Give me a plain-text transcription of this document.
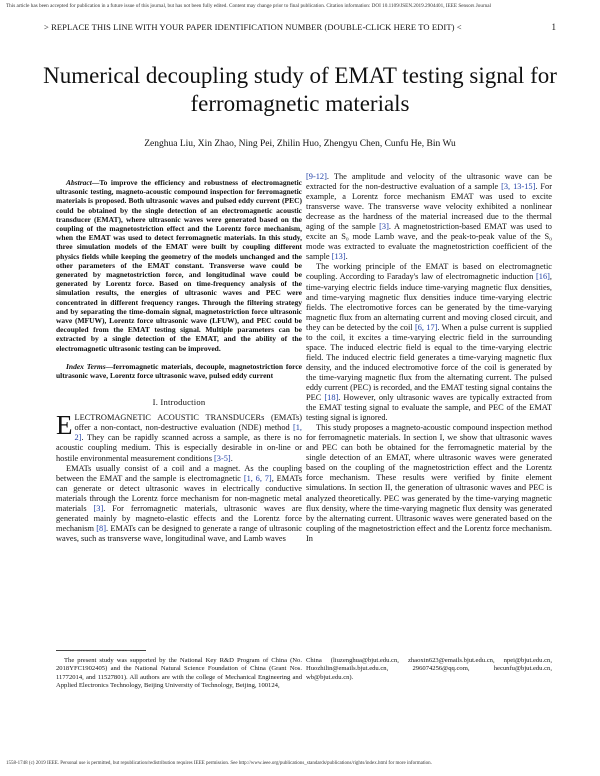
This article has been accepted for publication in a future issue of this journal, but has not been fully edited. Content may change prior to final publication. Citation information: DOI 10.1109/JSEN.2019.2904401, IEEE Sensors Journal
> REPLACE THIS LINE WITH YOUR PAPER IDENTIFICATION NUMBER (DOUBLE-CLICK HERE TO EDIT) <	1
Numerical decoupling study of EMAT testing signal for ferromagnetic materials
Zenghua Liu, Xin Zhao, Ning Pei, Zhilin Huo, Zhengyu Chen, Cunfu He, Bin Wu

Abstract—To improve the efficiency and robustness of electromagnetic ultrasonic testing, magneto-acoustic compound inspection for ferromagnetic materials is proposed. Both ultrasonic waves and pulsed eddy current (PEC) could be obtained by the single detection of an electromagnetic acoustic transducer (EMAT), where ultrasonic waves were generated based on the coupling of the magnetostriction effect and the Lorentz force mechanism, when the EMAT was used to detect ferromagnetic materials. In this study, three simulation models of the EMAT were built by coupling different physics fields while keeping the geometry of the models unchanged and the other parameters of the EMAT constant. Transverse wave could be generated by magnetostriction force, and longitudinal wave could be generated by Lorentz force. Based on time-frequency analysis of the simulation results, the energies of ultrasonic waves and PEC were concentrated in different frequency ranges. Through the filtering strategy and by separating the time-domain signal, magnetostriction force ultrasonic wave (MFUW), Lorentz force ultrasonic wave (LFUW), and PEC could be decoupled from the EMAT testing signal. Multiple parameters can be extracted by a single detection of the EMAT, and the ability of the electromagnetic ultrasonic testing can be improved.

Index Terms—ferromagnetic materials, decouple, magnetostriction force ultrasonic wave, Lorentz force ultrasonic wave, pulsed eddy current

I. Introduction

ELECTROMAGNETIC ACOUSTIC TRANSDUCERs (EMATs) offer a non-contact, non-destructive evaluation (NDE) method [1, 2]. They can be rapidly scanned across a sample, as there is no acoustic coupling medium. This is especially desirable in on-line or hostile environmental measurement conditions [3-5].

EMATs usually consist of a coil and a magnet. As the coupling between the EMAT and the sample is electromagnetic [1, 6, 7], EMATs can generate or detect ultrasonic waves in electrically conductive materials through the Lorentz force mechanism for non-magnetic metal materials [3]. For ferromagnetic materials, ultrasonic waves are generated mainly by magneto-elastic effects and the Lorentz force mechanism [8]. EMATs can be designed to generate a range of ultrasonic waves, such as transverse wave, longitudinal wave, and Lamb waves

[9-12]. The amplitude and velocity of the ultrasonic wave can be extracted for the non-destructive evaluation of a sample [3, 13-15]. For example, a Lorentz force mechanism EMAT was used to excite transverse wave. The transverse wave velocity exhibited a nonlinear decrease as the hardness of the material increased due to the thermal aging of the sample [3]. A magnetostriction-based EMAT was used to excite an S₀ mode Lamb wave, and the peak-to-peak value of the S₀ mode was extracted to evaluate the magnetostriction coefficient of the sample [13].

The working principle of the EMAT is based on electromagnetic coupling. According to Faraday's law of electromagnetic induction [16], time-varying electric fields induce time-varying magnetic flux densities, and time-varying magnetic flux densities induce time-varying electric fields. The electromotive forces can be generated by the time-varying magnetic flux from an alternating current and moving closed circuit, and they can be detected by the coil [6, 17]. When a pulse current is supplied to the coil, it excites a time-varying electric field in the surrounding space. The induced electric field is equal to the time-varying electric field. The induced electric field generates a time-varying magnetic flux density, and the induced electromotive force of the coil is generated by the time-varying magnetic flux from the alternating current. The pulsed eddy current (PEC) is recorded, and the EMAT testing signal contains the PEC [18]. However, only ultrasonic waves are typically extracted from the EMAT testing signal to evaluate the sample, and PEC of the EMAT testing signal is ignored.

This study proposes a magneto-acoustic compound inspection method for ferromagnetic materials. In section I, we show that ultrasonic waves and PEC can both be obtained for the ferromagnetic material by the single detection of an EMAT, where ultrasonic waves were generated based on the coupling of the magnetostriction effect and the Lorentz force mechanism. These results were verified by finite element simulations. In section II, the generation of ultrasonic waves and PEC is analyzed theoretically. PEC was generated by the time-varying magnetic flux density, where the time-varying magnetic flux density was generated by the alternating current. Ultrasonic waves were generated based on the coupling of the magnetostriction effect and the Lorentz force mechanism. In

The present study was supported by the National Key R&D Program of China (No. 2018YFC1902405) and the National Natural Science Foundation of China (Grant Nos. 11772014, and 11527801). All authors are with the college of Mechanical Engineering and Applied Electronics Technology, Beijing University of Technology, Beijing, 100124,
China (liuzenghua@bjut.edu.cn, zhaoxin623@emails.bjut.edu.cn, npei@bjut.edu.cn, Huozhilin@emails.bjut.edu.cn, 296074256@qq.com, hecunfu@bjut.edu.cn, wb@bjut.edu.cn).
1558-1748 (c) 2019 IEEE. Personal use is permitted, but republication/redistribution requires IEEE permission. See http://www.ieee.org/publications_standards/publications/rights/index.html for more information.
